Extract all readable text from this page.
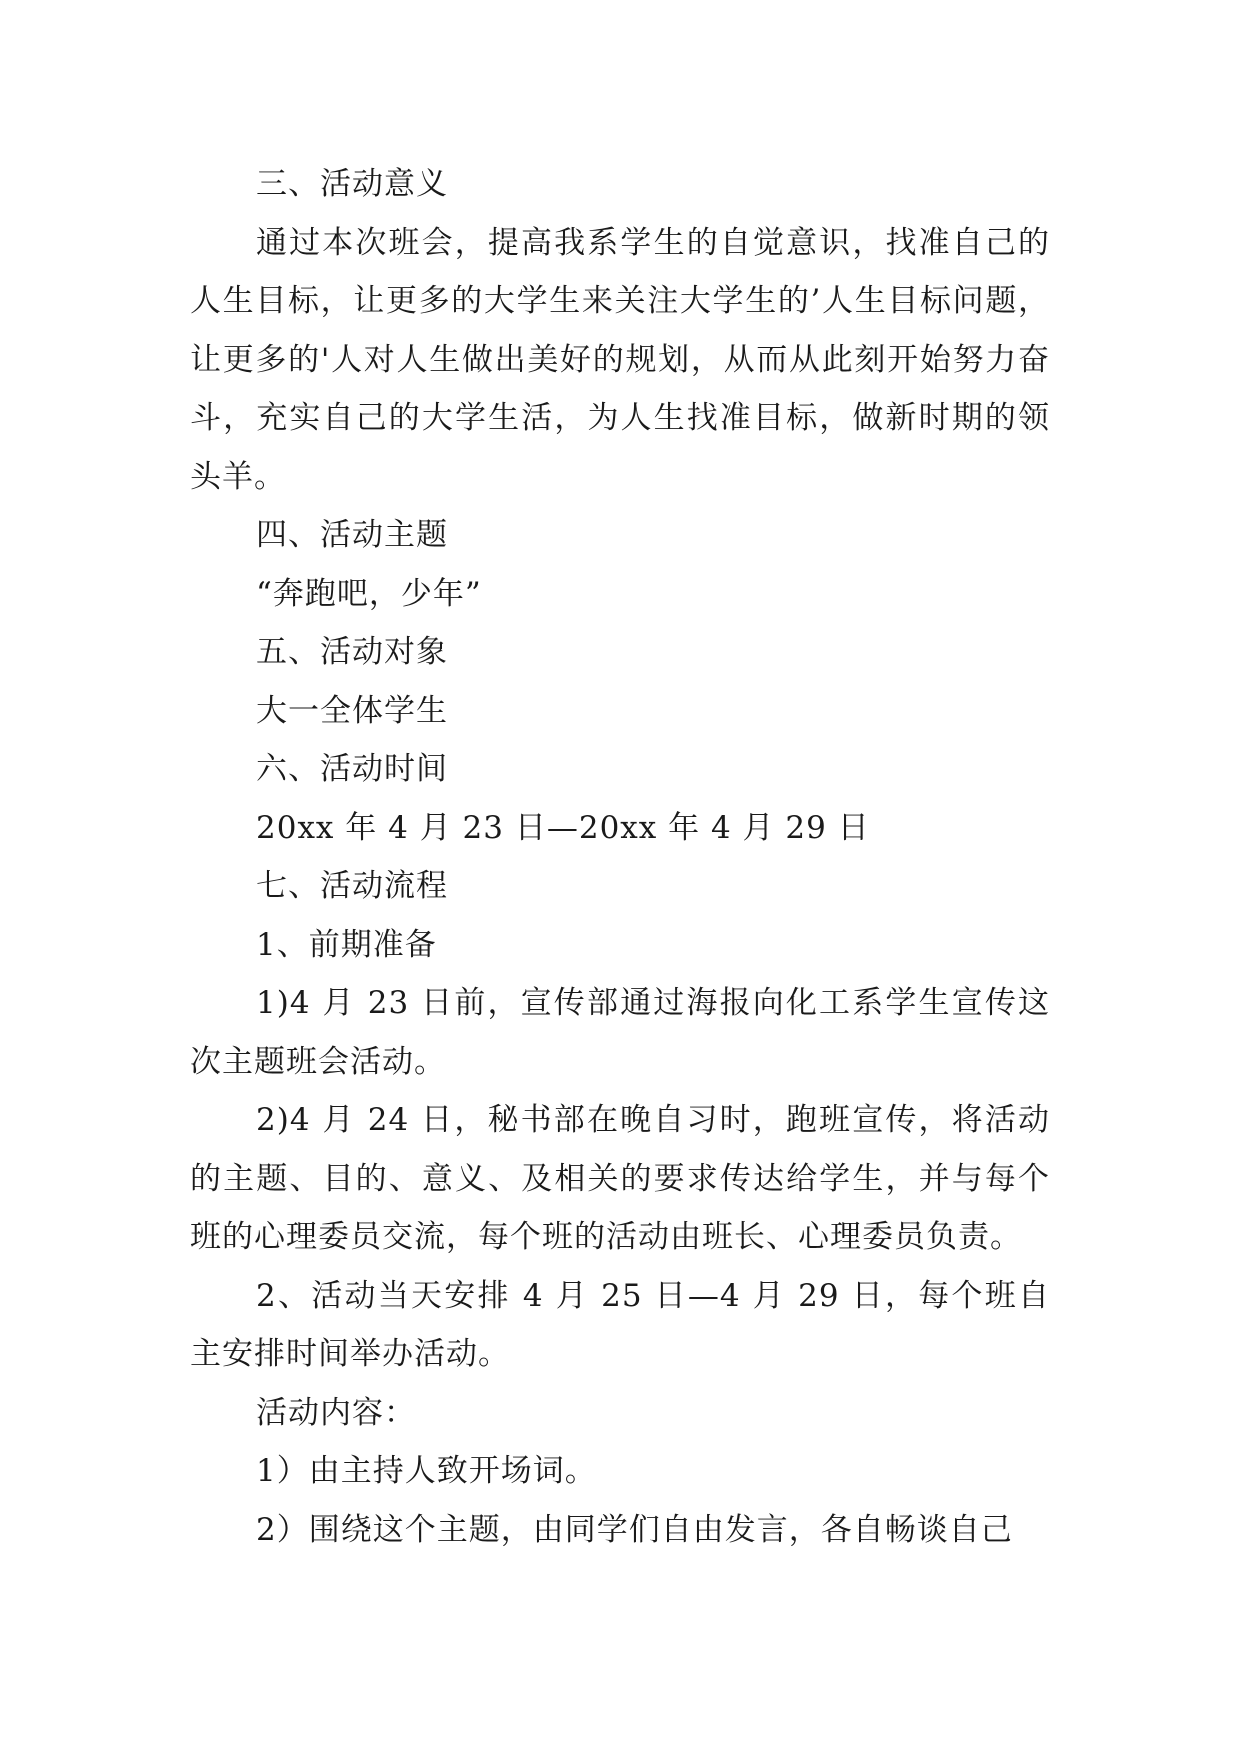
三、活动意义

通过本次班会，提高我系学生的自觉意识，找准自己的人生目标，让更多的大学生来关注大学生的’人生目标问题，让更多的'人对人生做出美好的规划，从而从此刻开始努力奋斗，充实自己的大学生活，为人生找准目标，做新时期的领头羊。

四、活动主题

“奔跑吧，少年”

五、活动对象

大一全体学生

六、活动时间

20xx 年 4 月 23 日—20xx 年 4 月 29 日

七、活动流程

1、前期准备

1)4 月 23 日前，宣传部通过海报向化工系学生宣传这次主题班会活动。

2)4 月 24 日，秘书部在晚自习时，跑班宣传，将活动的主题、目的、意义、及相关的要求传达给学生，并与每个班的心理委员交流，每个班的活动由班长、心理委员负责。

2、活动当天安排 4 月 25 日—4 月 29 日，每个班自主安排时间举办活动。

活动内容：

1）由主持人致开场词。

2）围绕这个主题，由同学们自由发言，各自畅谈自己
